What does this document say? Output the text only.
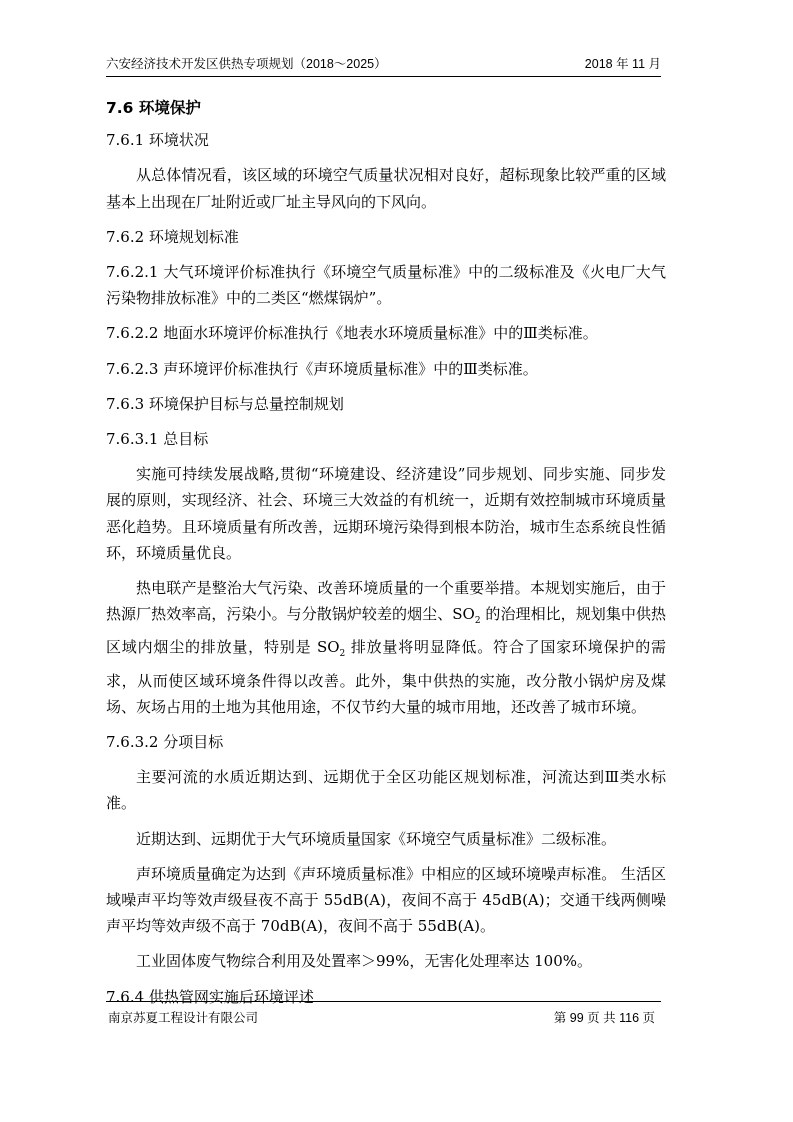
六安经济技术开发区供热专项规划（2018～2025）	2018 年 11 月

7.6 环境保护

7.6.1 环境状况

从总体情况看，该区域的环境空气质量状况相对良好，超标现象比较严重的区域基本上出现在厂址附近或厂址主导风向的下风向。

7.6.2 环境规划标准

7.6.2.1 大气环境评价标准执行《环境空气质量标准》中的二级标准及《火电厂大气污染物排放标准》中的二类区“燃煤锅炉”。

7.6.2.2 地面水环境评价标准执行《地表水环境质量标准》中的Ⅲ类标准。

7.6.2.3 声环境评价标准执行《声环境质量标准》中的Ⅲ类标准。

7.6.3 环境保护目标与总量控制规划

7.6.3.1 总目标

实施可持续发展战略,贯彻“环境建设、经济建设”同步规划、同步实施、同步发展的原则，实现经济、社会、环境三大效益的有机统一，近期有效控制城市环境质量恶化趋势。且环境质量有所改善，远期环境污染得到根本防治，城市生态系统良性循环，环境质量优良。

热电联产是整治大气污染、改善环境质量的一个重要举措。本规划实施后，由于热源厂热效率高，污染小。与分散锅炉较差的烟尘、$SO_2$ 的治理相比，规划集中供热区域内烟尘的排放量，特别是 $SO_2$ 排放量将明显降低。符合了国家环境保护的需求，从而使区域环境条件得以改善。此外，集中供热的实施，改分散小锅炉房及煤场、灰场占用的土地为其他用途，不仅节约大量的城市用地，还改善了城市环境。

7.6.3.2 分项目标

主要河流的水质近期达到、远期优于全区功能区规划标准，河流达到Ⅲ类水标准。

近期达到、远期优于大气环境质量国家《环境空气质量标准》二级标准。

声环境质量确定为达到《声环境质量标准》中相应的区域环境噪声标准。 生活区域噪声平均等效声级昼夜不高于 55dB(A)，夜间不高于 45dB(A)；交通干线两侧噪声平均等效声级不高于 70dB(A)，夜间不高于 55dB(A)。

工业固体废气物综合利用及处置率＞99%，无害化处理率达 100%。

7.6.4 供热管网实施后环境评述

南京苏夏工程设计有限公司	第 99 页 共 116 页
